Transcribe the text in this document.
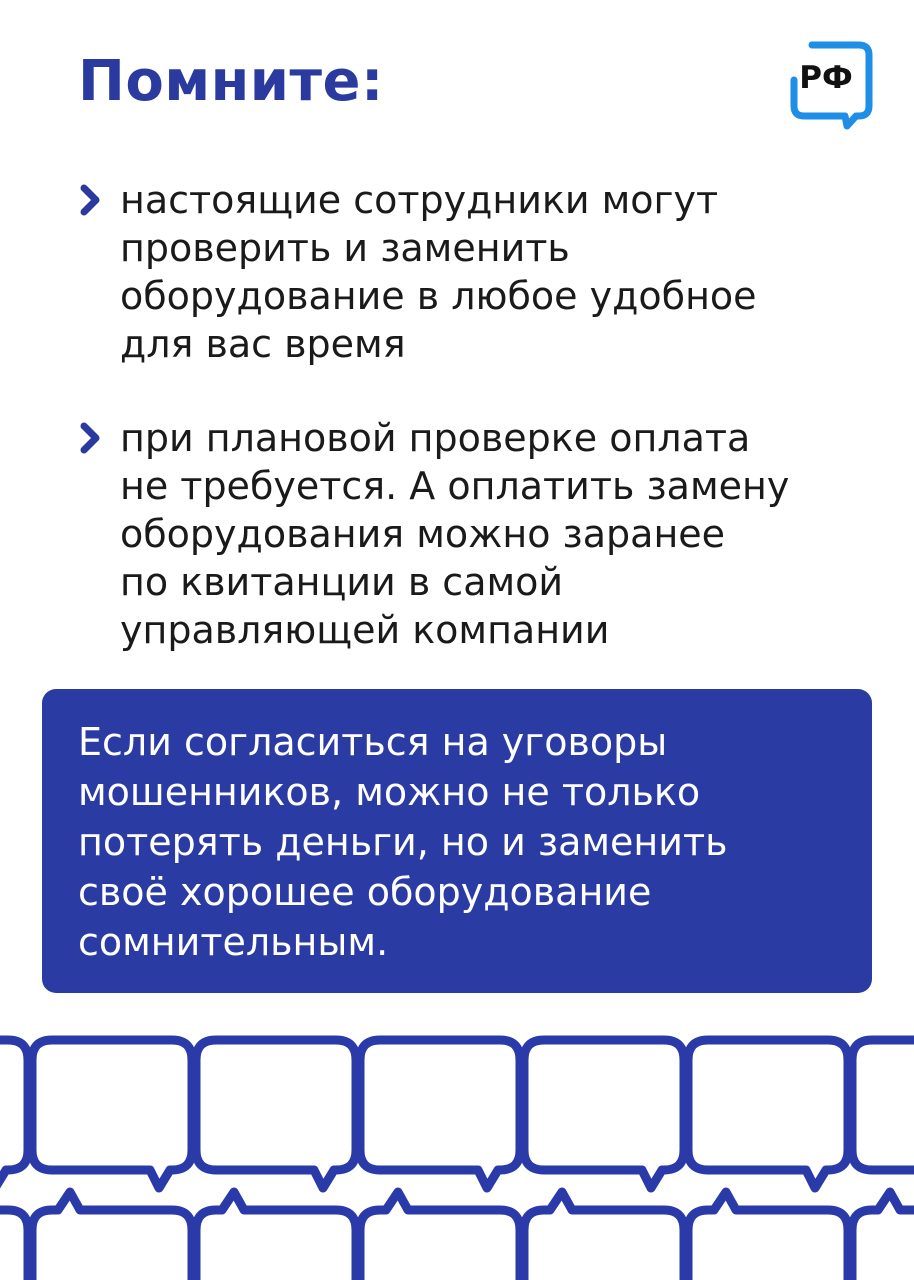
Помните:	РФ
настоящие сотрудники могут
проверить и заменить
оборудование в любое удобное
для вас время
при плановой проверке оплата
не требуется. А оплатить замену
оборудования можно заранее
по квитанции в самой
управляющей компании
Если согласиться на уговоры
мошенников, можно не только
потерять деньги, но и заменить
своё хорошее оборудование
сомнительным.
